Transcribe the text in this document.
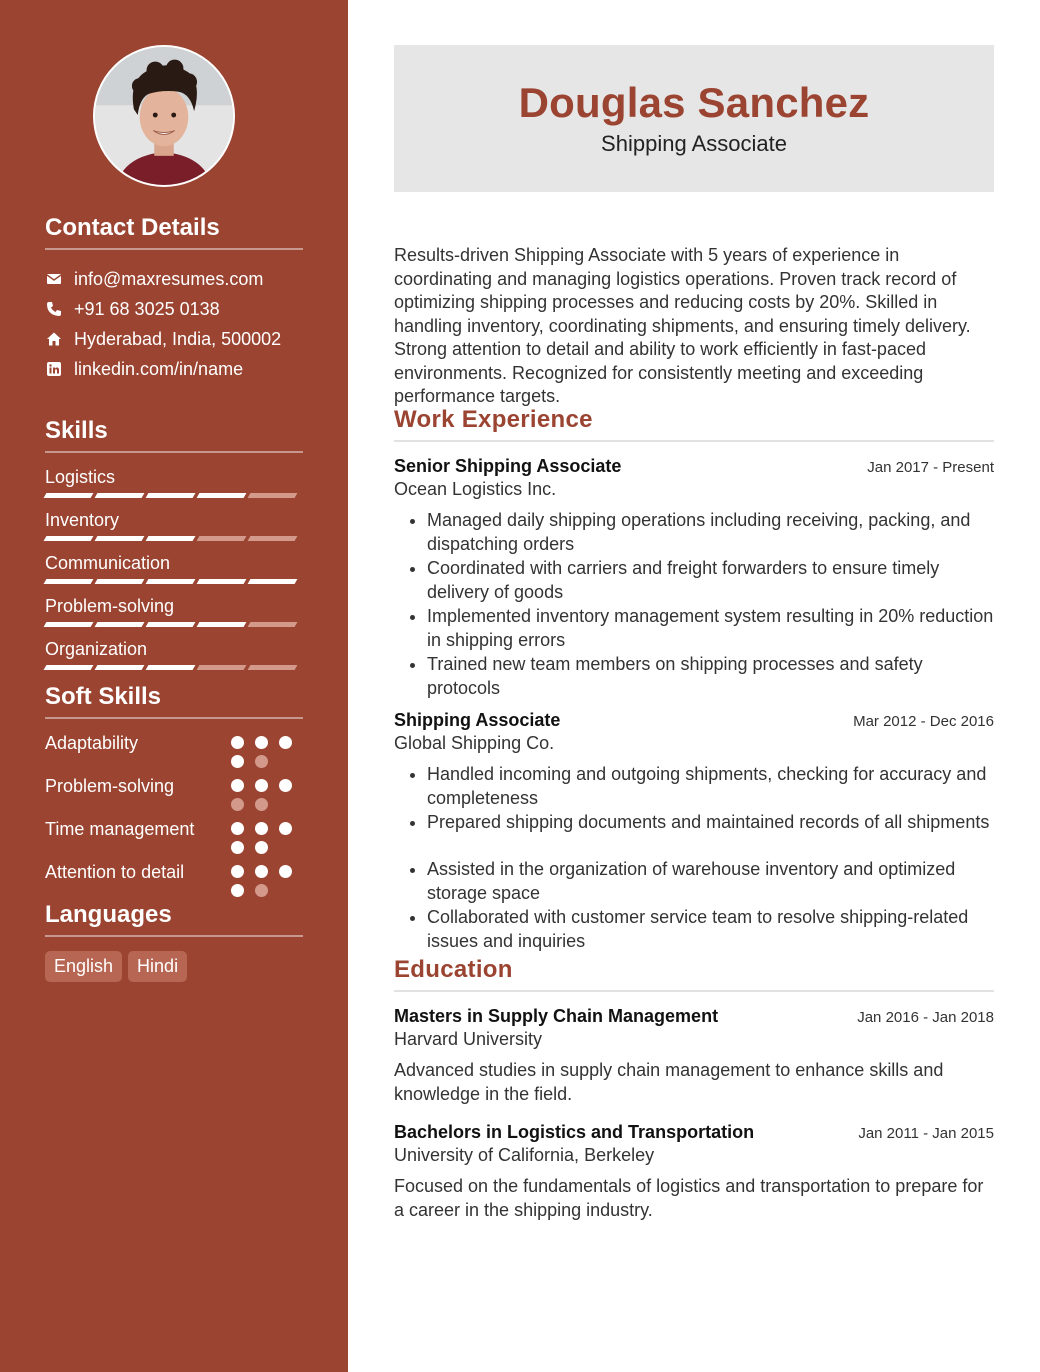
Contact Details
info@maxresumes.com
+91 68 3025 0138
Hyderabad, India, 500002
linkedin.com/in/name
Skills
Logistics
Inventory
Communication
Problem-solving
Organization
Soft Skills
Adaptability
Problem-solving
Time management
Attention to detail
Languages
English	Hindi
Douglas Sanchez
Shipping Associate

Results-driven Shipping Associate with 5 years of experience in coordinating and managing logistics operations. Proven track record of optimizing shipping processes and reducing costs by 20%. Skilled in handling inventory, coordinating shipments, and ensuring timely delivery. Strong attention to detail and ability to work efficiently in fast-paced environments. Recognized for consistently meeting and exceeding performance targets.

Work Experience
Senior Shipping Associate	Jan 2017 - Present
Ocean Logistics Inc.
• Managed daily shipping operations including receiving, packing, and dispatching orders
• Coordinated with carriers and freight forwarders to ensure timely delivery of goods
• Implemented inventory management system resulting in 20% reduction in shipping errors
• Trained new team members on shipping processes and safety protocols
Shipping Associate	Mar 2012 - Dec 2016
Global Shipping Co.
• Handled incoming and outgoing shipments, checking for accuracy and completeness
• Prepared shipping documents and maintained records of all shipments
• Assisted in the organization of warehouse inventory and optimized storage space
• Collaborated with customer service team to resolve shipping-related issues and inquiries
Education
Masters in Supply Chain Management	Jan 2016 - Jan 2018
Harvard University

Advanced studies in supply chain management to enhance skills and knowledge in the field.

Bachelors in Logistics and Transportation	Jan 2011 - Jan 2015
University of California, Berkeley

Focused on the fundamentals of logistics and transportation to prepare for a career in the shipping industry.
